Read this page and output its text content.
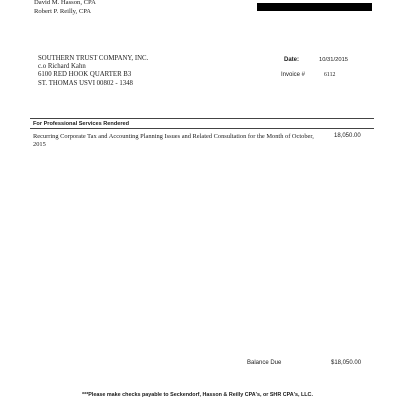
David M. Hasson, CPA
Robert P. Reilly, CPA
SOUTHERN TRUST COMPANY, INC.
c.o Richard Kahn
6100 RED HOOK QUARTER B3
ST. THOMAS USVI 00802 - 1348
Date:	10/31/2015
Invoice #	6112
For Professional Services Rendered
Recurring Corporate Tax and Accounting Planning Issues and Related Consultation for the Month of October, 2015
18,050.00
Balance Due	$18,050.00
***Please make checks payable to Seckendorf, Hasson & Reilly CPA's, or SHR CPA's, LLC.
